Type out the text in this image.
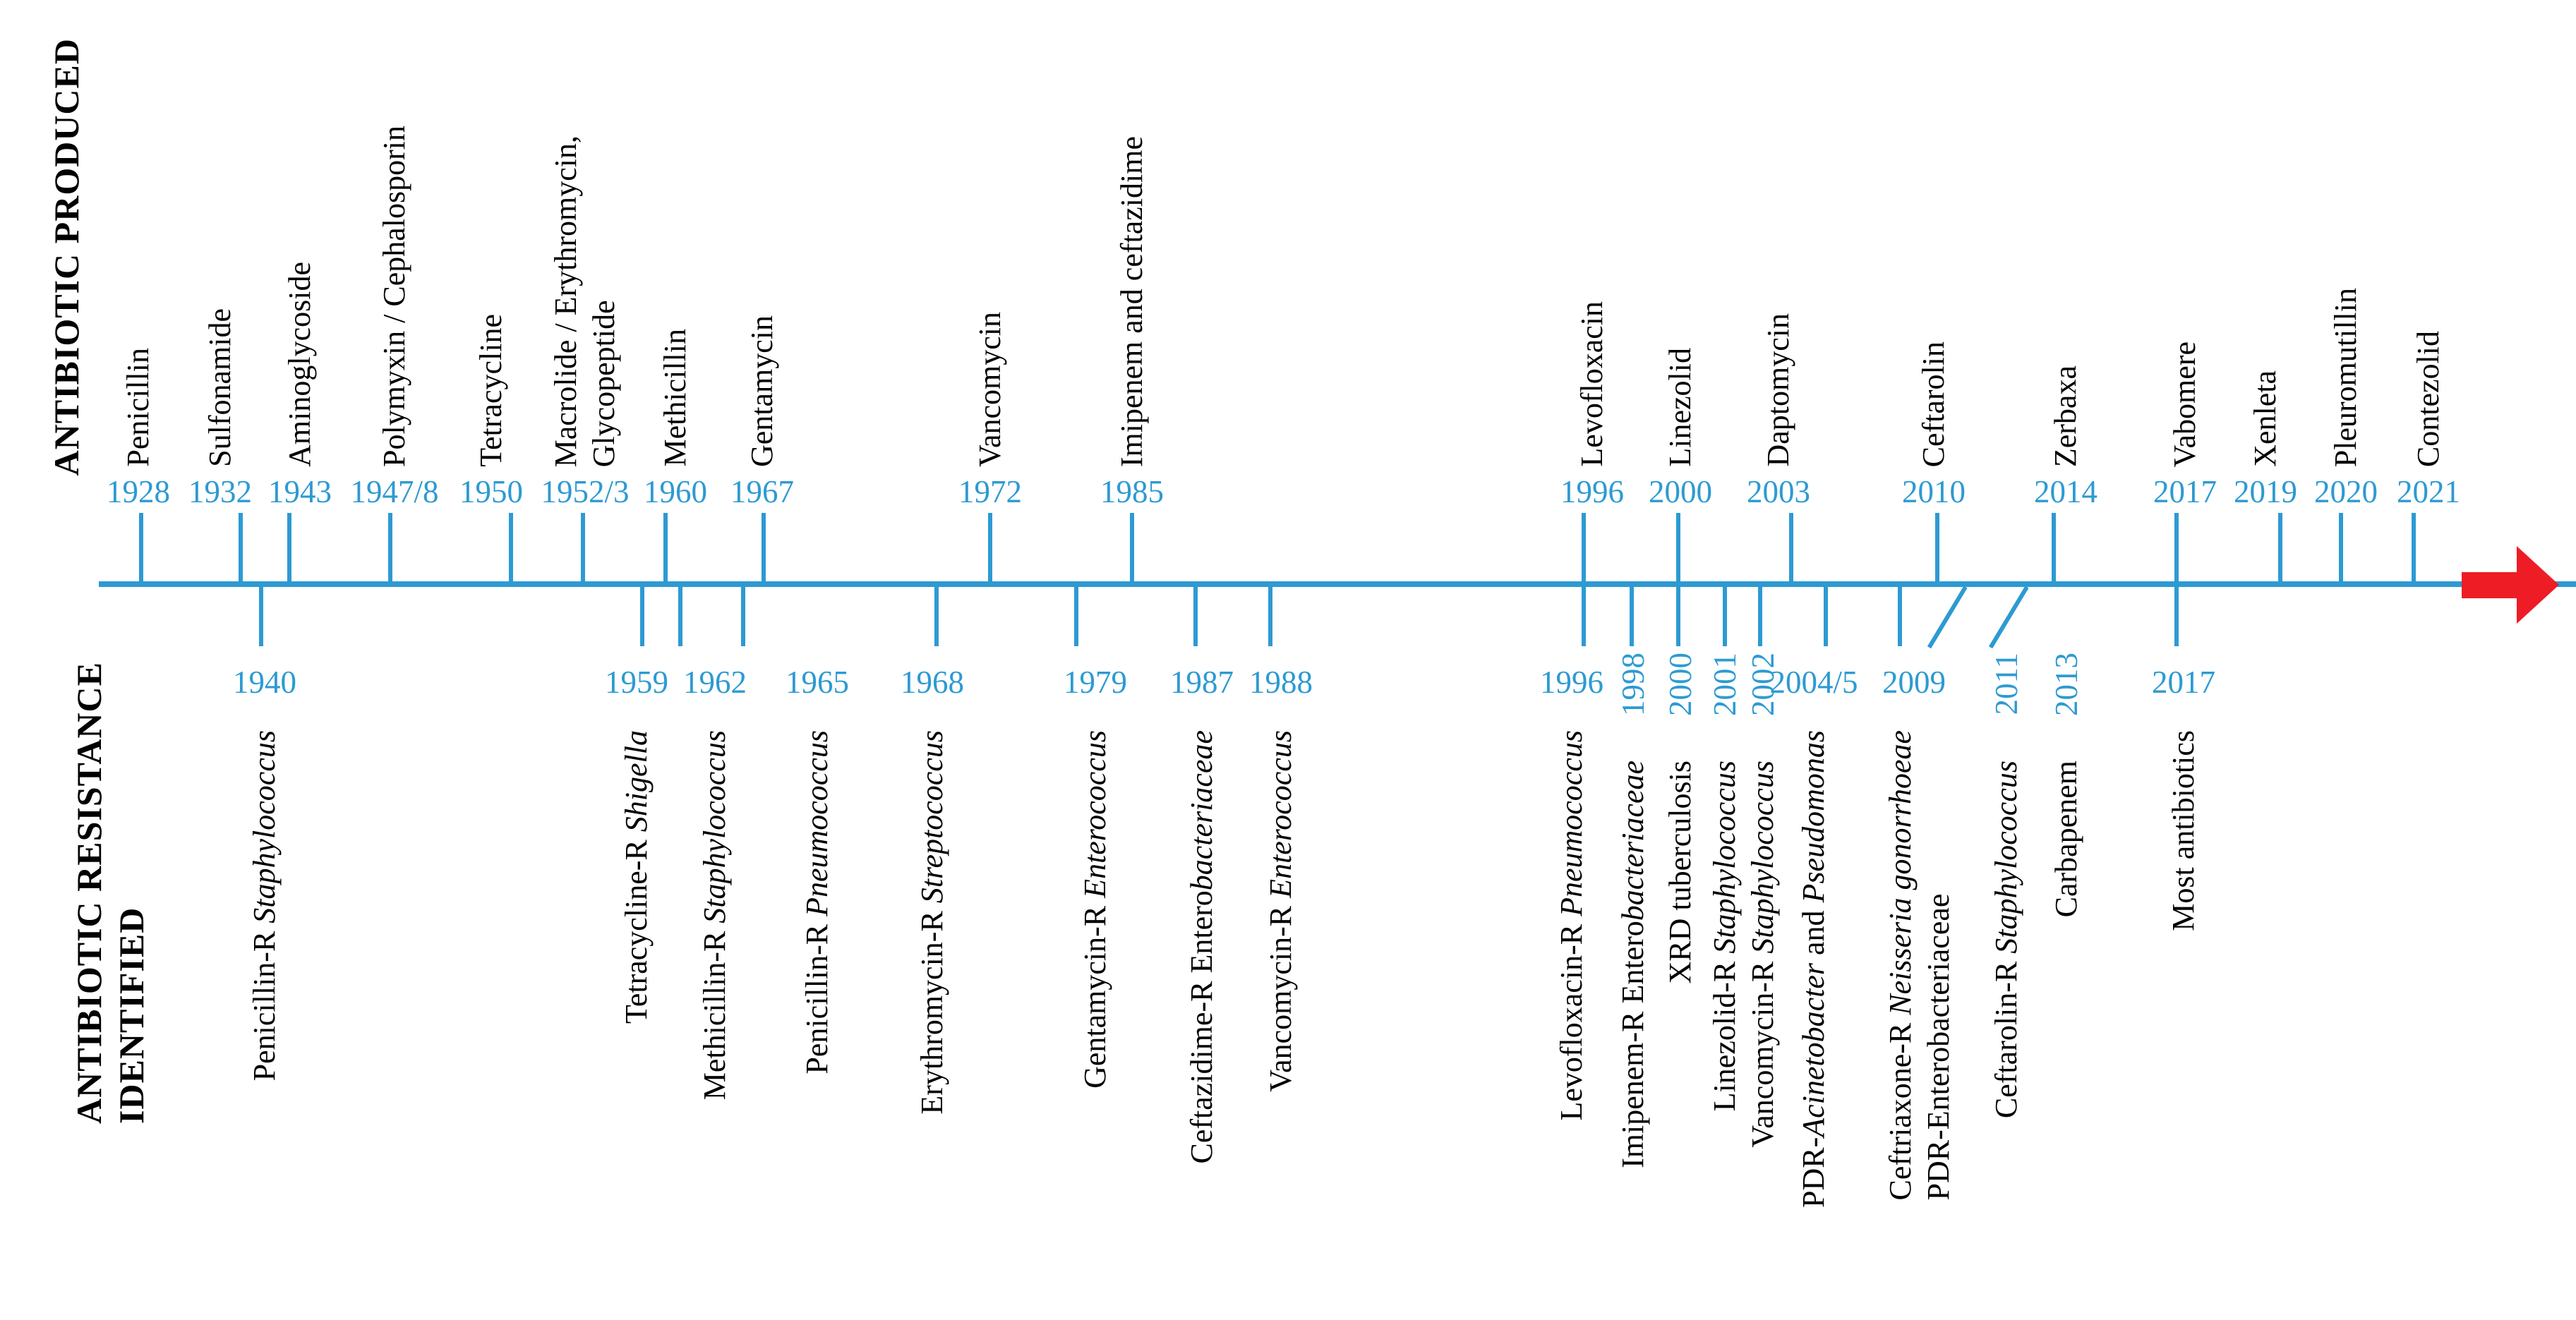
ANTIBIOTIC PRODUCED
ANTIBIOTIC RESISTANCE IDENTIFIED
1928
Penicillin
1932
Sulfonamide
1943
Aminoglycoside
1947/8
Polymyxin / Cephalosporin
1950
Tetracycline
1952/3
Macrolide / Erythromycin, Glycopeptide
1960
Methicillin
1967
Gentamycin
1972
Vancomycin
1985
Imipenem and ceftazidime
1996
Levofloxacin
2000
Linezolid
2003
Daptomycin
2010
Ceftarolin
2014
Zerbaxa
2017
Vabomere
2019
Xenleta
2020
Pleuromutillin
2021
Contezolid
1940
Penicillin-R Staphylococcus
1959
Tetracycline-R Shigella
1962
Methicillin-R Staphylococcus
1965
Penicillin-R Pneumococcus
1968
Erythromycin-R Streptococcus
1979
Gentamycin-R Enterococcus
1987
Ceftazidime-R Enterobacteriaceae
1988
Vancomycin-R Enterococcus
1996
Levofloxacin-R Pneumococcus
1998
Imipenem-R Enterobacteriaceae
2000
XRD tuberculosis
2001
Linezolid-R Staphylococcus
2002
Vancomycin-R Staphylococcus
2004/5
PDR-Acinetobacter and Pseudomonas
2009
Ceftriaxone-R Neisseria gonorrhoeae
PDR-Enterobacteriaceae
2011
Ceftarolin-R Staphylococcus
2013
Carbapenem
2017
Most antibiotics
